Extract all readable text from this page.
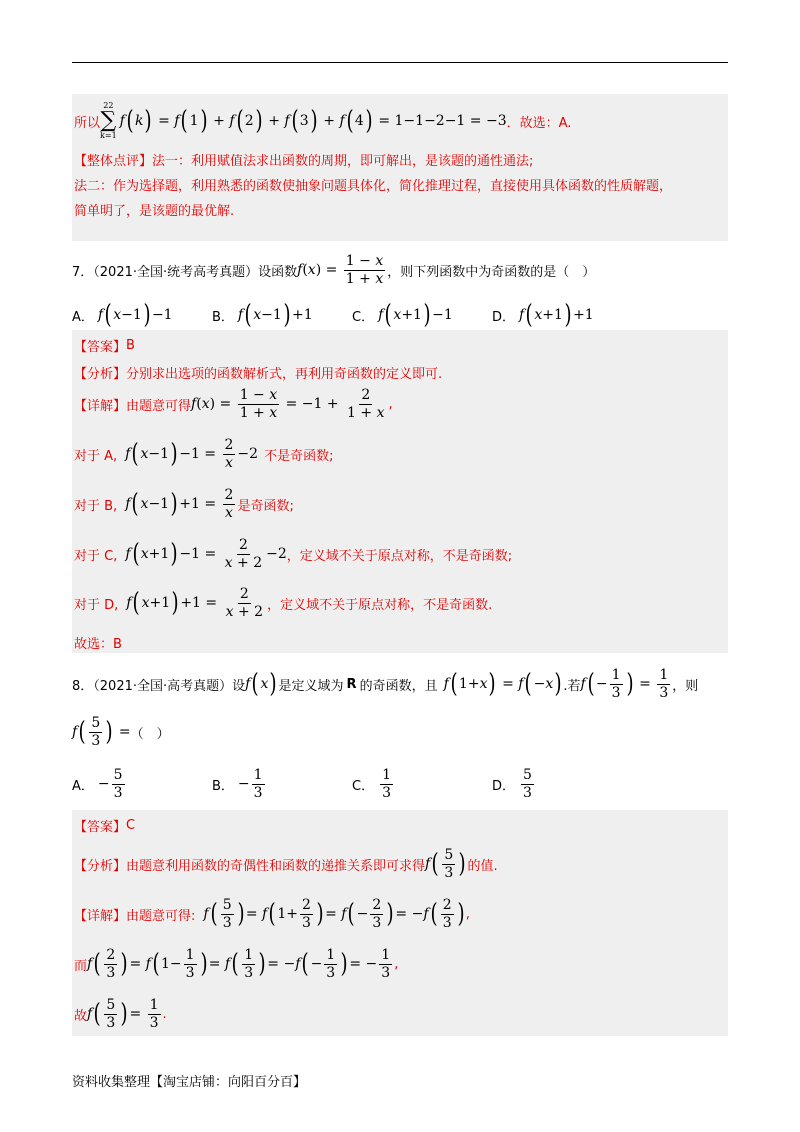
所以
22
∑
k=1
f ( k ) = f ( 1 ) + f ( 2 ) + f ( 3 ) + f ( 4 ) = 1−1−2−1 = −3 ．故选：A.
【整体点评】 法一：利用赋值法求出函数的周期，即可解出，是该题的通性通法;
法二：作为选择题，利用熟悉的函数使抽象问题具体化，简化推理过程，直接使用具体函数的性质解题，
简单明了，是该题的最优解.
7．（2021·全国·统考高考真题）设函数 f ( x ) = $\frac{1 - x}{1 + x}$ ，则下列函数中为奇函数的是（　）
A． f ( x −1 ) −1	B． f ( x −1 ) +1	C． f ( x +1 ) −1	D． f ( x +1 ) +1
【答案】 B
【分析】 分别求出选项的函数解析式，再利用奇函数的定义即可.
【详解】 由题意可得 f ( x ) = $\frac{1 - x}{1 + x} = -1 + \frac{2}{1 + x}$ ,
对于 A, f ( x −1 ) $-1 = \frac{2}{x} -2$ 不是奇函数;
对于 B, f ( x −1 ) $+1 = \frac{2}{x}$ 是奇函数;
对于 C, f ( x +1 ) $-1 = \frac{2}{x + 2} -2$ ，定义域不关于原点对称，不是奇函数;
对于 D, f ( x +1 ) $+1 = \frac{2}{x + 2}$ ，定义域不关于原点对称，不是奇函数.
故选：B
8．（2021·全国·高考真题）设 f ( x ) 是定义域为 R 的奇函数，且 f ( 1+ x ) = f ( − x ) .若 f ( − $\frac{1}{3}$ ) = $\frac{1}{3}$ ，则
f ( $\frac{5}{3}$ ) = （　）
A． − $\frac{5}{3}$	B． − $\frac{1}{3}$	C． $\frac{1}{3}$	D． $\frac{5}{3}$
【答案】 C
【分析】 由题意利用函数的奇偶性和函数的递推关系即可求得 f ( $\frac{5}{3}$ ) 的值.
【详解】 由题意可得: f ( $\frac{5}{3}$ ) = f ( $1+ \frac{2}{3}$ ) = f ( − $\frac{2}{3}$ ) = − f ( $\frac{2}{3}$ ) ,
而 f ( $\frac{2}{3}$ ) = f ( $1- \frac{1}{3}$ ) = f ( $\frac{1}{3}$ ) = − f ( − $\frac{1}{3}$ ) = − $\frac{1}{3}$ ,
故 f ( $\frac{5}{3}$ ) = $\frac{1}{3}$ .
资料收集整理【淘宝店铺：向阳百分百】
